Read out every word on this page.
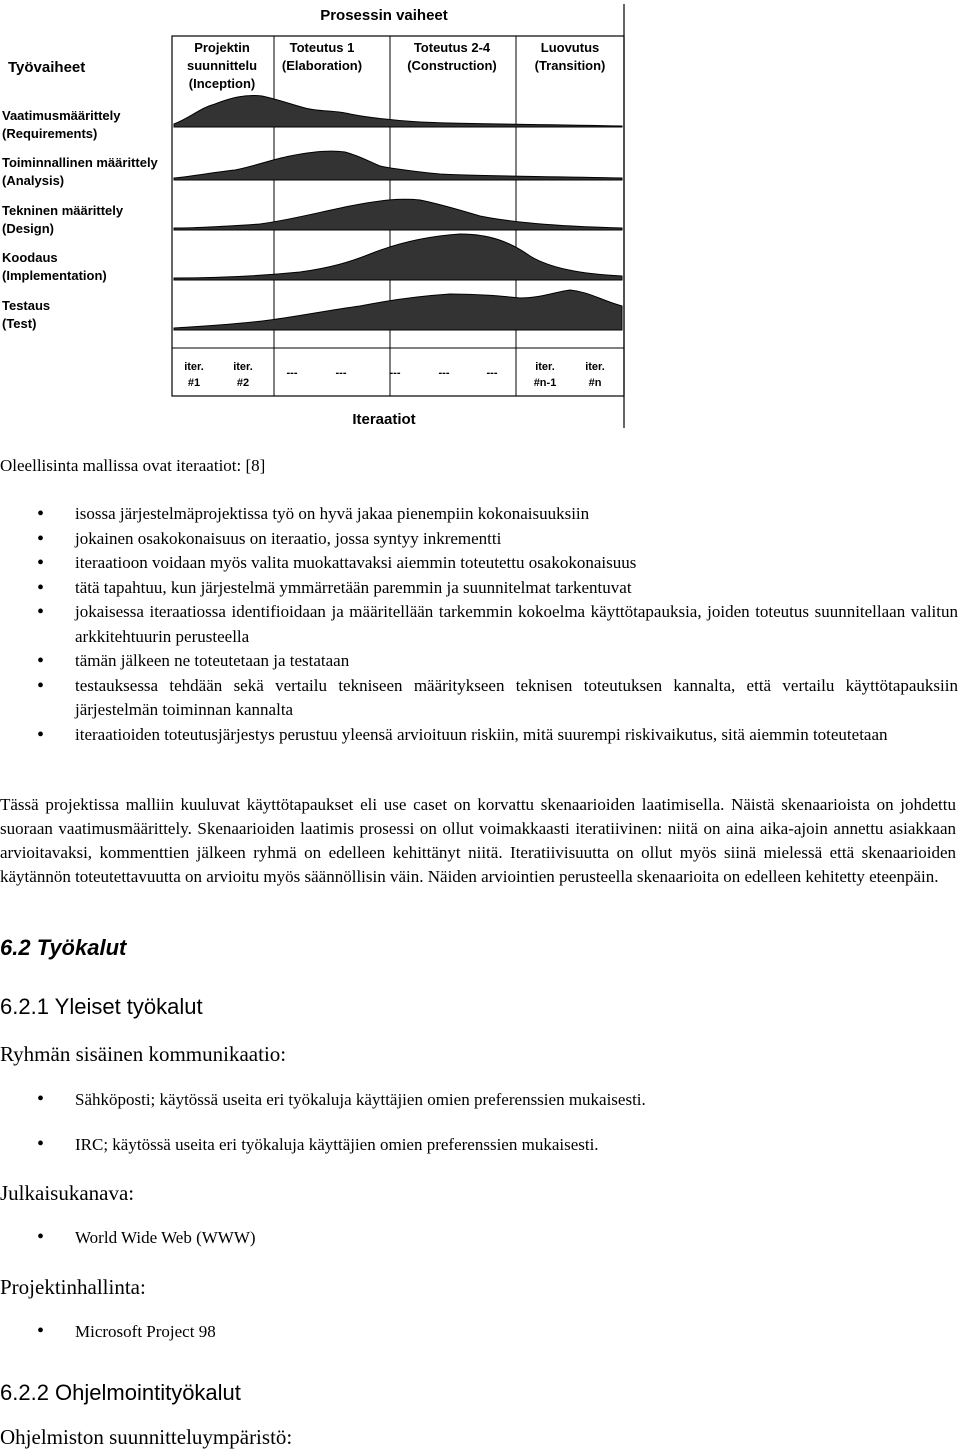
Prosessin vaiheet
Työvaiheet
Iteraatiot
Projektin
suunnittelu
(Inception)
Toteutus 1
(Elaboration)
Toteutus 2-4
(Construction)
Luovutus
(Transition)
Vaatimusmäärittely
(Requirements)
Toiminnallinen määrittely
(Analysis)
Tekninen määrittely
(Design)
Koodaus
(Implementation)
Testaus
(Test)
iter.
#1
iter.
#2
---	---	---	---	---	iter.
#n-1
iter.
#n
Oleellisinta mallissa ovat iteraatiot: [8]
• isossa järjestelmäprojektissa työ on hyvä jakaa pienempiin kokonaisuuksiin
• jokainen osakokonaisuus on iteraatio, jossa syntyy inkrementti
• iteraatioon voidaan myös valita muokattavaksi aiemmin toteutettu osakokonaisuus
• tätä tapahtuu, kun järjestelmä ymmärretään paremmin ja suunnitelmat tarkentuvat
• jokaisessa iteraatiossa identifioidaan ja määritellään tarkemmin kokoelma käyttötapauksia, joiden toteutus suunnitellaan valitun arkkitehtuurin perusteella
• tämän jälkeen ne toteutetaan ja testataan
• testauksessa tehdään sekä vertailu tekniseen määritykseen teknisen toteutuksen kannalta, että vertailu käyttötapauksiin järjestelmän toiminnan kannalta
• iteraatioiden toteutusjärjestys perustuu yleensä arvioituun riskiin, mitä suurempi riskivaikutus, sitä aiemmin toteutetaan
Tässä projektissa malliin kuuluvat käyttötapaukset eli use caset on korvattu skenaarioiden laatimisella. Näistä skenaarioista on johdettu suoraan vaatimusmäärittely. Skenaarioiden laatimis prosessi on ollut voimakkaasti iteratiivinen: niitä on aina aika-ajoin annettu asiakkaan arvioitavaksi, kommenttien jälkeen ryhmä on edelleen kehittänyt niitä. Iteratiivisuutta on ollut myös siinä mielessä että skenaarioiden käytännön toteutettavuutta on arvioitu myös säännöllisin väin. Näiden arviointien perusteella skenaarioita on edelleen kehitetty eteenpäin.
6.2 Työkalut
6.2.1 Yleiset työkalut
Ryhmän sisäinen kommunikaatio:
• Sähköposti; käytössä useita eri työkaluja käyttäjien omien preferenssien mukaisesti.
• IRC; käytössä useita eri työkaluja käyttäjien omien preferenssien mukaisesti.
Julkaisukanava:
• World Wide Web (WWW)
Projektinhallinta:
• Microsoft Project 98
6.2.2 Ohjelmointityökalut
Ohjelmiston suunnitteluympäristö:
